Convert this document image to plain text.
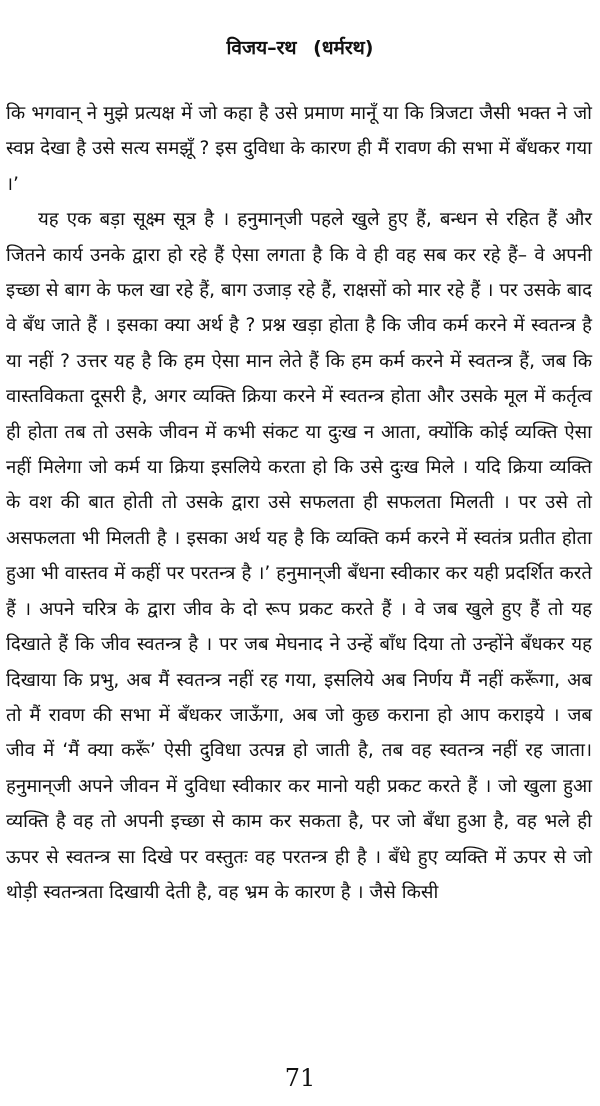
विजय–रथ (धर्मरथ)

कि भगवान् ने मुझे प्रत्यक्ष में जो कहा है उसे प्रमाण मानूँ या कि त्रिजटा जैसी भक्त ने जो स्वप्न देखा है उसे सत्य समझूँ ? इस दुविधा के कारण ही मैं रावण की सभा में बँधकर गया ।’

यह एक बड़ा सूक्ष्म सूत्र है । हनुमान्‌जी पहले खुले हुए हैं, बन्धन से रहित हैं और जितने कार्य उनके द्वारा हो रहे हैं ऐसा लगता है कि वे ही वह सब कर रहे हैं– वे अपनी इच्छा से बाग के फल खा रहे हैं, बाग उजाड़ रहे हैं, राक्षसों को मार रहे हैं । पर उसके बाद वे बँध जाते हैं । इसका क्या अर्थ है ? प्रश्न खड़ा होता है कि जीव कर्म करने में स्वतन्त्र है या नहीं ? उत्तर यह है कि हम ऐसा मान लेते हैं कि हम कर्म करने में स्वतन्त्र हैं, जब कि वास्तविकता दूसरी है, अगर व्यक्ति क्रिया करने में स्वतन्त्र होता और उसके मूल में कर्तृत्व ही होता तब तो उसके जीवन में कभी संकट या दुःख न आता, क्योंकि कोई व्यक्ति ऐसा नहीं मिलेगा जो कर्म या क्रिया इसलिये करता हो कि उसे दुःख मिले । यदि क्रिया व्यक्ति के वश की बात होती तो उसके द्वारा उसे सफलता ही सफलता मिलती । पर उसे तो असफलता भी मिलती है । इसका अर्थ यह है कि व्यक्ति कर्म करने में स्वतंत्र प्रतीत होता हुआ भी वास्तव में कहीं पर परतन्त्र है ।’ हनुमान्‌जी बँधना स्वीकार कर यही प्रदर्शित करते हैं । अपने चरित्र के द्वारा जीव के दो रूप प्रकट करते हैं । वे जब खुले हुए हैं तो यह दिखाते हैं कि जीव स्वतन्त्र है । पर जब मेघनाद ने उन्हें बाँध दिया तो उन्होंने बँधकर यह दिखाया कि प्रभु, अब मैं स्वतन्त्र नहीं रह गया, इसलिये अब निर्णय मैं नहीं करूँगा, अब तो मैं रावण की सभा में बँधकर जाऊँगा, अब जो कुछ कराना हो आप कराइये । जब जीव में ‘मैं क्या करूँ’ ऐसी दुविधा उत्पन्न हो जाती है, तब वह स्वतन्त्र नहीं रह जाता। हनुमान्‌जी अपने जीवन में दुविधा स्वीकार कर मानो यही प्रकट करते हैं । जो खुला हुआ व्यक्ति है वह तो अपनी इच्छा से काम कर सकता है, पर जो बँधा हुआ है, वह भले ही ऊपर से स्वतन्त्र सा दिखे पर वस्तुतः वह परतन्त्र ही है । बँधे हुए व्यक्ति में ऊपर से जो थोड़ी स्वतन्त्रता दिखायी देती है, वह भ्रम के कारण है । जैसे किसी

71
